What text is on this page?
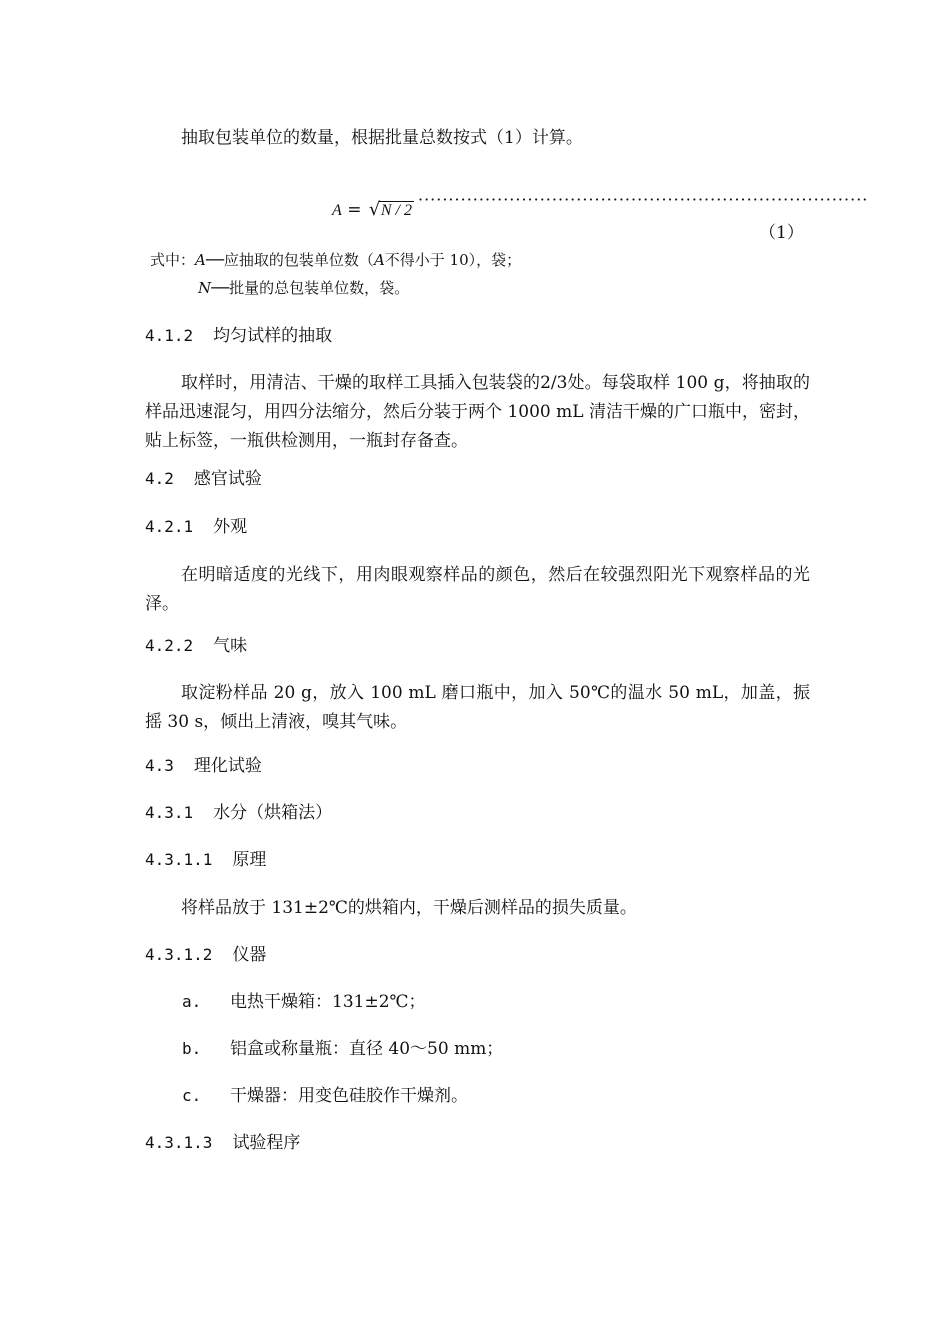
抽取包装单位的数量，根据批量总数按式（1）计算。
A = √ N / 2
··········································································
（1）
式中：A──应抽取的包装单位数（A不得小于 10），袋；
N──批量的总包装单位数，袋。
4.1.2 均匀试样的抽取
取样时，用清洁、干燥的取样工具插入包装袋的2/3处。每袋取样 100 g，将抽取的样品迅速混匀，用四分法缩分，然后分装于两个 1000 mL 清洁干燥的广口瓶中，密封，贴上标签，一瓶供检测用，一瓶封存备查。
4.2 感官试验
4.2.1 外观
在明暗适度的光线下，用肉眼观察样品的颜色，然后在较强烈阳光下观察样品的光泽。
4.2.2 气味
取淀粉样品 20 g，放入 100 mL 磨口瓶中，加入 50℃的温水 50 mL，加盖，振摇 30 s，倾出上清液，嗅其气味。
4.3 理化试验
4.3.1 水分（烘箱法）
4.3.1.1 原理
将样品放于 131±2℃的烘箱内，干燥后测样品的损失质量。
4.3.1.2 仪器
a. 电热干燥箱：131±2℃；
b. 铝盒或称量瓶：直径 40～50 mm；
c. 干燥器：用变色硅胶作干燥剂。
4.3.1.3 试验程序
